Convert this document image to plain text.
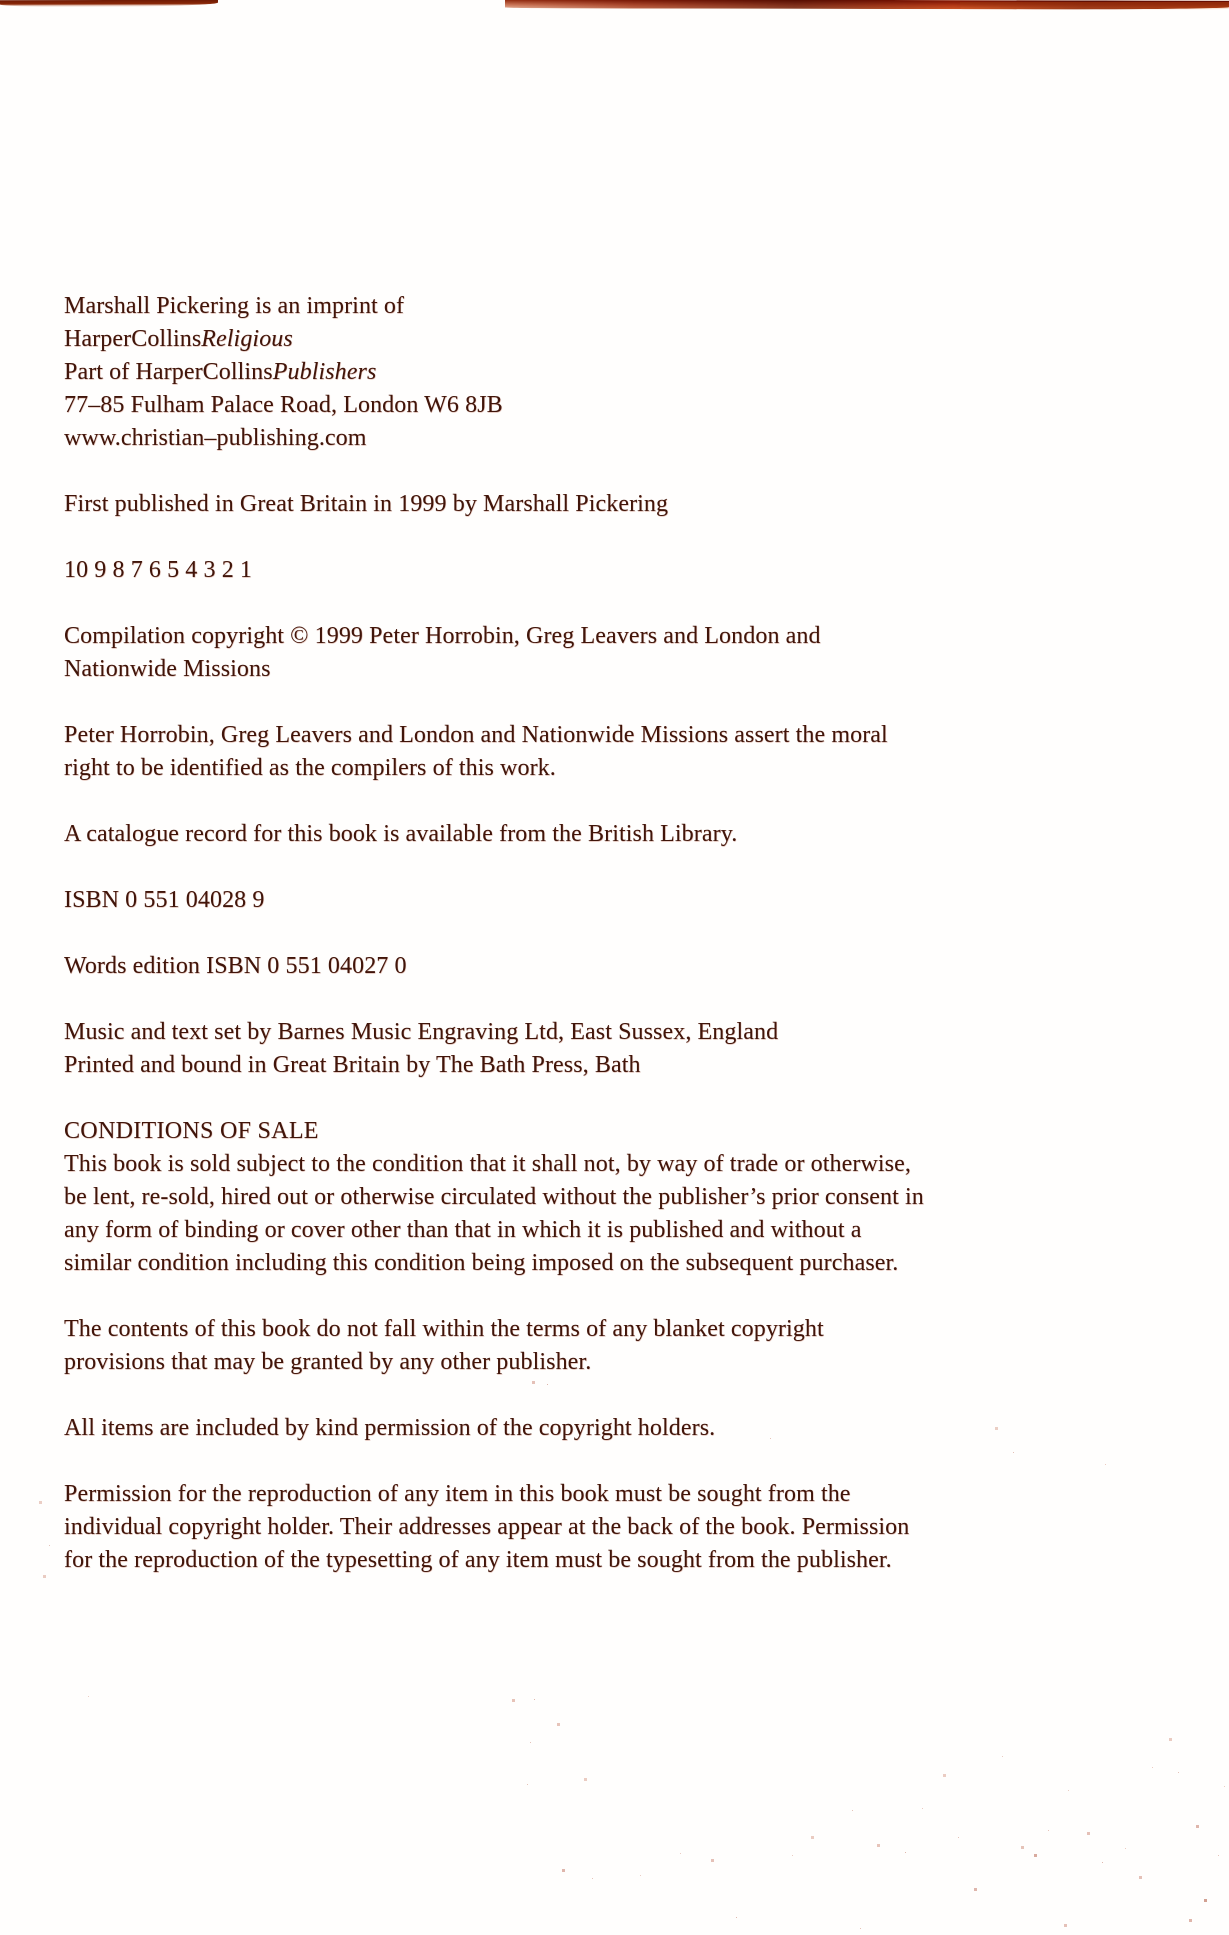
Marshall Pickering is an imprint of
HarperCollinsReligious
Part of HarperCollinsPublishers
77–85 Fulham Palace Road, London W6 8JB
www.christian–publishing.com
First published in Great Britain in 1999 by Marshall Pickering
10 9 8 7 6 5 4 3 2 1
Compilation copyright © 1999 Peter Horrobin, Greg Leavers and London and
Nationwide Missions
Peter Horrobin, Greg Leavers and London and Nationwide Missions assert the moral
right to be identified as the compilers of this work.
A catalogue record for this book is available from the British Library.
ISBN 0 551 04028 9
Words edition ISBN 0 551 04027 0
Music and text set by Barnes Music Engraving Ltd, East Sussex, England
Printed and bound in Great Britain by The Bath Press, Bath
CONDITIONS OF SALE
This book is sold subject to the condition that it shall not, by way of trade or otherwise,
be lent, re-sold, hired out or otherwise circulated without the publisher’s prior consent in
any form of binding or cover other than that in which it is published and without a
similar condition including this condition being imposed on the subsequent purchaser.
The contents of this book do not fall within the terms of any blanket copyright
provisions that may be granted by any other publisher.
All items are included by kind permission of the copyright holders.
Permission for the reproduction of any item in this book must be sought from the
individual copyright holder. Their addresses appear at the back of the book. Permission
for the reproduction of the typesetting of any item must be sought from the publisher.
